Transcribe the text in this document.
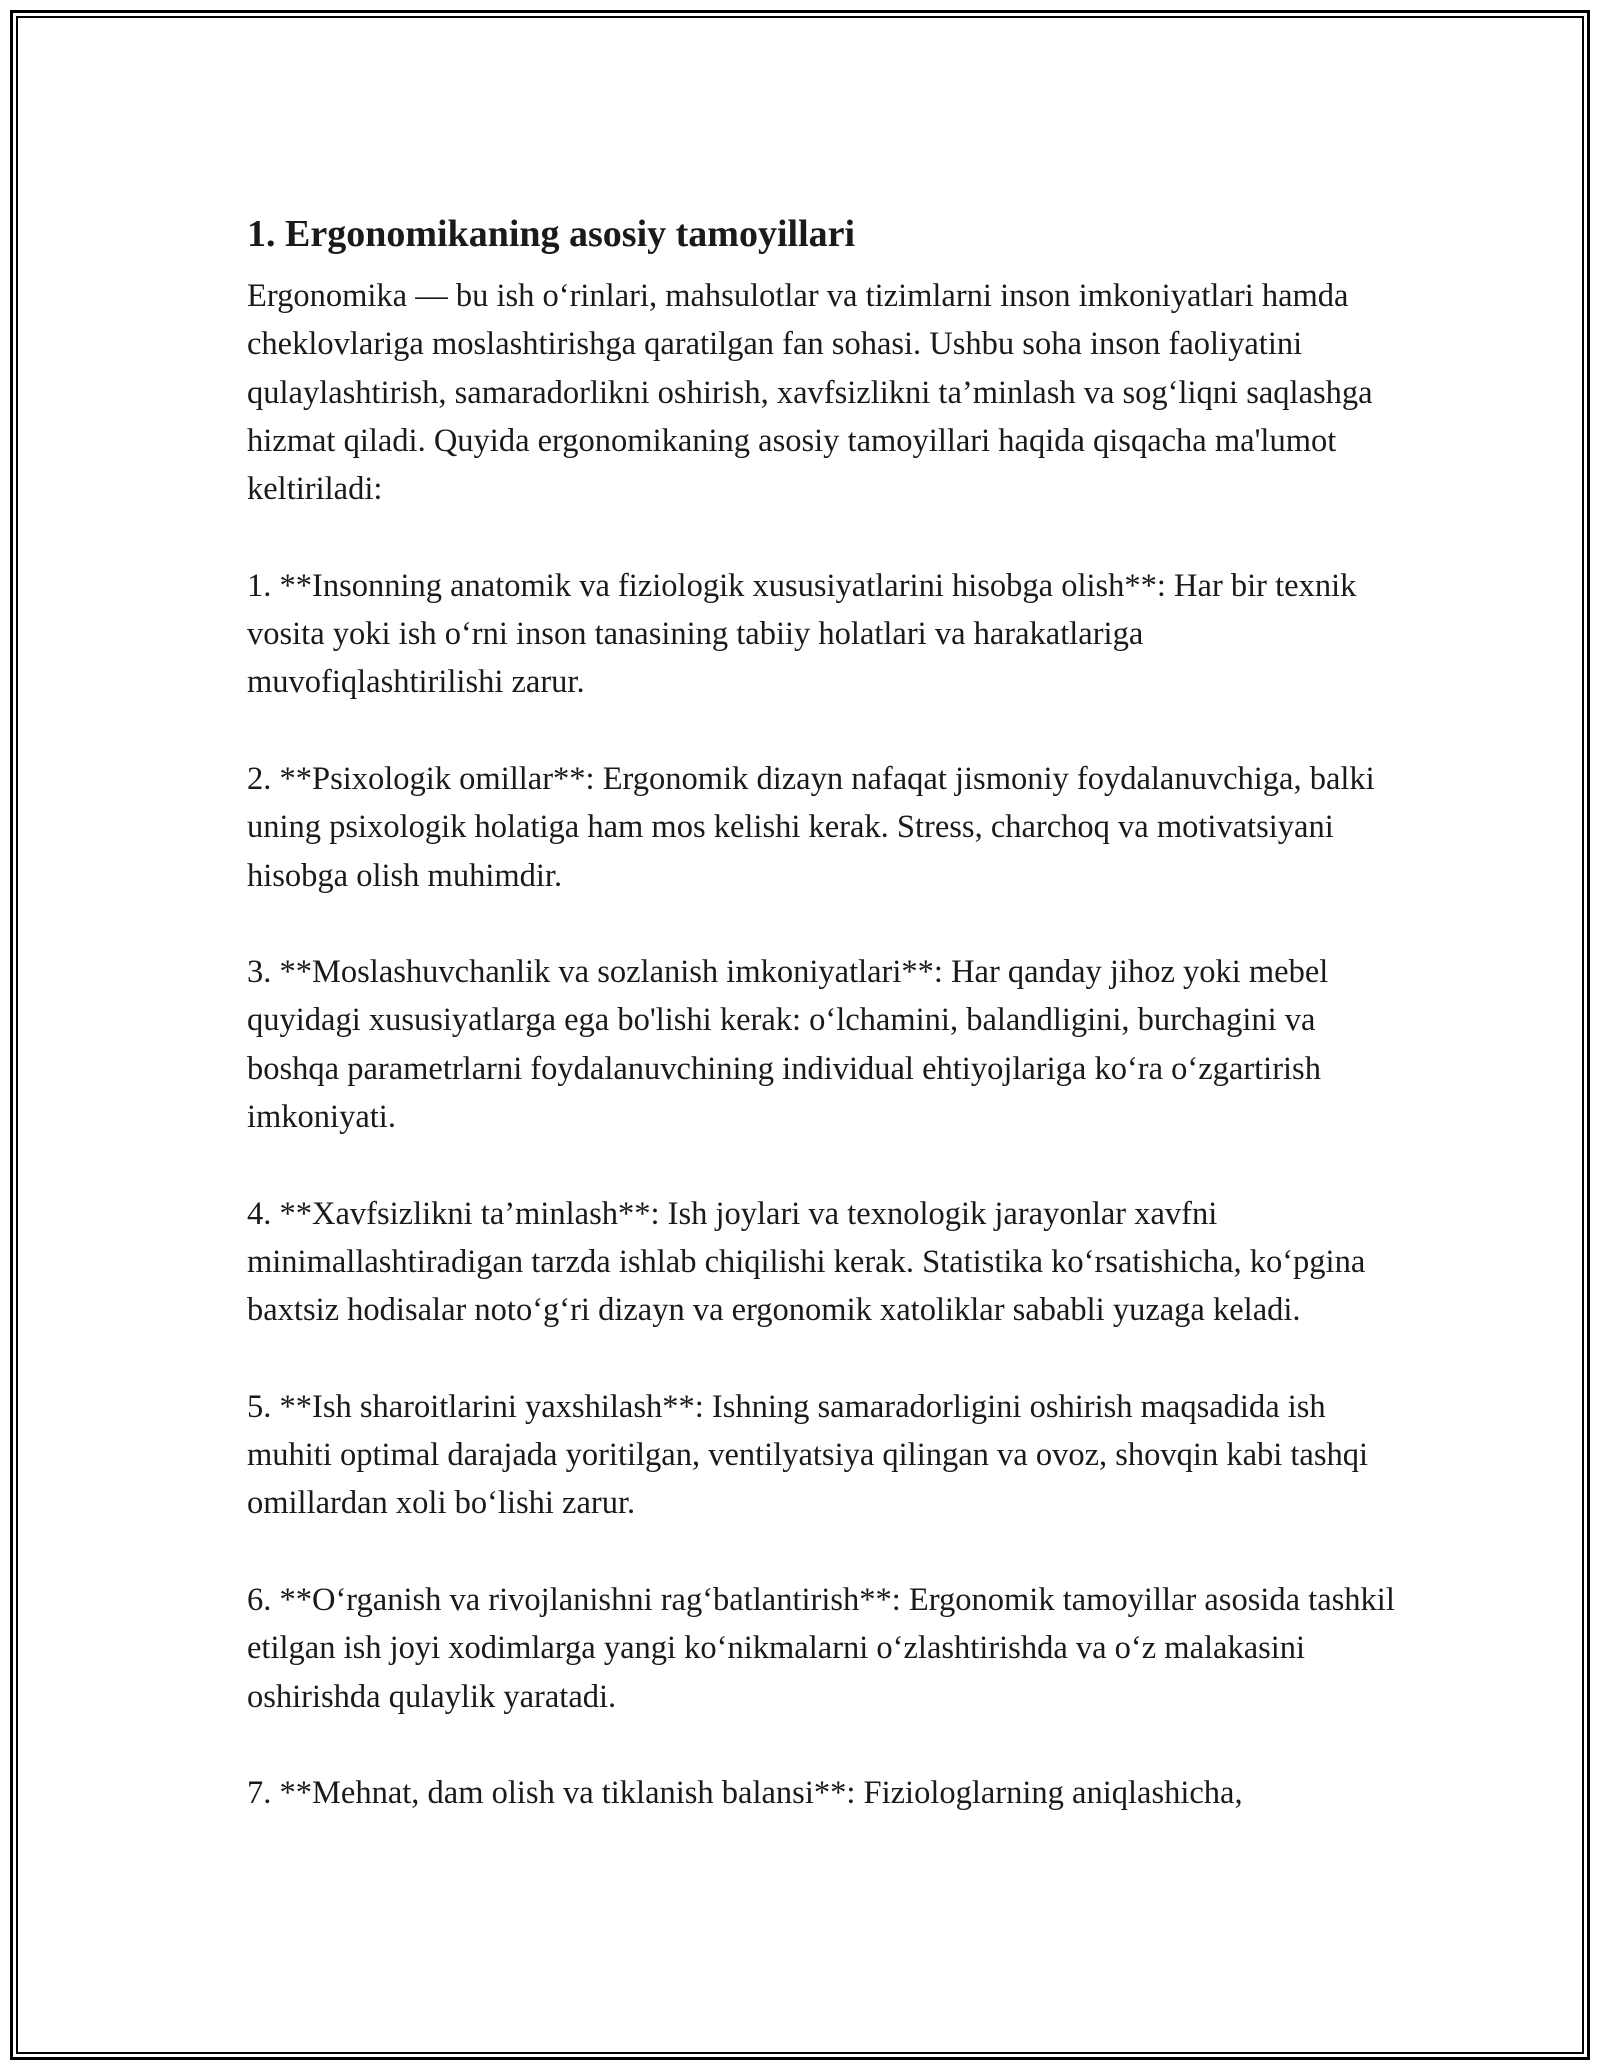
1. Ergonomikaning asosiy tamoyillari

Ergonomika — bu ish o‘rinlari, mahsulotlar va tizimlarni inson imkoniyatlari hamda cheklovlariga moslashtirishga qaratilgan fan sohasi. Ushbu soha inson faoliyatini qulaylashtirish, samaradorlikni oshirish, xavfsizlikni ta’minlash va sog‘liqni saqlashga hizmat qiladi. Quyida ergonomikaning asosiy tamoyillari haqida qisqacha ma'lumot keltiriladi:

1. **Insonning anatomik va fiziologik xususiyatlarini hisobga olish**: Har bir texnik vosita yoki ish o‘rni inson tanasining tabiiy holatlari va harakatlariga muvofiqlashtirilishi zarur.

2. **Psixologik omillar**: Ergonomik dizayn nafaqat jismoniy foydalanuvchiga, balki uning psixologik holatiga ham mos kelishi kerak. Stress, charchoq va motivatsiyani hisobga olish muhimdir.

3. **Moslashuvchanlik va sozlanish imkoniyatlari**: Har qanday jihoz yoki mebel quyidagi xususiyatlarga ega bo'lishi kerak: o‘lchamini, balandligini, burchagini va boshqa parametrlarni foydalanuvchining individual ehtiyojlariga ko‘ra o‘zgartirish imkoniyati.

4. **Xavfsizlikni ta’minlash**: Ish joylari va texnologik jarayonlar xavfni minimallashtiradigan tarzda ishlab chiqilishi kerak. Statistika ko‘rsatishicha, ko‘pgina baxtsiz hodisalar noto‘g‘ri dizayn va ergonomik xatoliklar sababli yuzaga keladi.

5. **Ish sharoitlarini yaxshilash**: Ishning samaradorligini oshirish maqsadida ish muhiti optimal darajada yoritilgan, ventilyatsiya qilingan va ovoz, shovqin kabi tashqi omillardan xoli bo‘lishi zarur.

6. **O‘rganish va rivojlanishni rag‘batlantirish**: Ergonomik tamoyillar asosida tashkil etilgan ish joyi xodimlarga yangi ko‘nikmalarni o‘zlashtirishda va o‘z malakasini oshirishda qulaylik yaratadi.

7. **Mehnat, dam olish va tiklanish balansi**: Fiziologlarning aniqlashicha,
